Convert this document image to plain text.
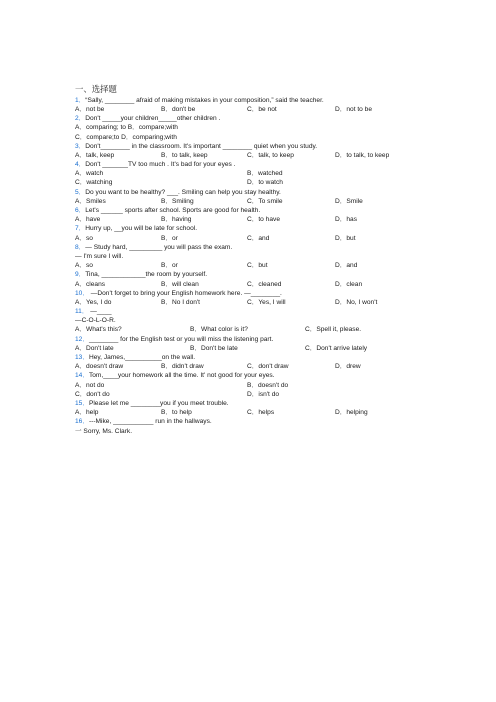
一、选择题
1．“Sally, ________ afraid of making mistakes in your composition,” said the teacher.
A．not be	B．don't be	C．be not	D．not to be
2．Don't _____your children_____other children .
A．comparing; to B．compare;with
C．compare;to D．comparing;with
3．Don't________ in the classroom. It's important ________ quiet when you study.
A．talk, keep	B．to talk, keep	C．talk, to keep	D．to talk, to keep
4．Don't _______TV too much . It's bad for your eyes .
A．watch	B．watched
C．watching	D．to watch
5．Do you want to be healthy? ___. Smiling can help you stay healthy.
A．Smiles	B．Smiling	C．To smile	D．Smile
6．Let's ______ sports after school. Sports are good for health.
A．have	B．having	C．to have	D．has
7．Hurry up, __you will be late for school.
A．so	B．or	C．and	D．but
8．— Study hard, _________ you will pass the exam.
— I'm sure I will.
A．so	B．or	C．but	D．and
9．Tina, ____________the room by yourself.
A．cleans	B．will clean	C．cleaned	D．clean
10． —Don't forget to bring your English homework here. —________.
A．Yes, I do	B．No I don't	C．Yes, I will	D．No, I won't
11． —____
—C-O-L-O-R.
A．What's this?	B．What color is it?	C．Spell it, please.
12．________ for the English test or you will miss the listening part.
A．Don't late	B．Don't be late	C．Don't arrive lately
13．Hey, James,__________on the wall.
A．doesn't draw	B．didn't draw	C．don't draw	D．drew
14．Tom,____your homework all the time. It' not good for your eyes.
A．not do	B．doesn't do
C．don't do	D．isn't do
15．Please let me ________you if you meet trouble.
A．help	B．to help	C．helps	D．helping
16．---Mike, ___________ run in the hallways.
一 Sorry, Ms. Clark.
